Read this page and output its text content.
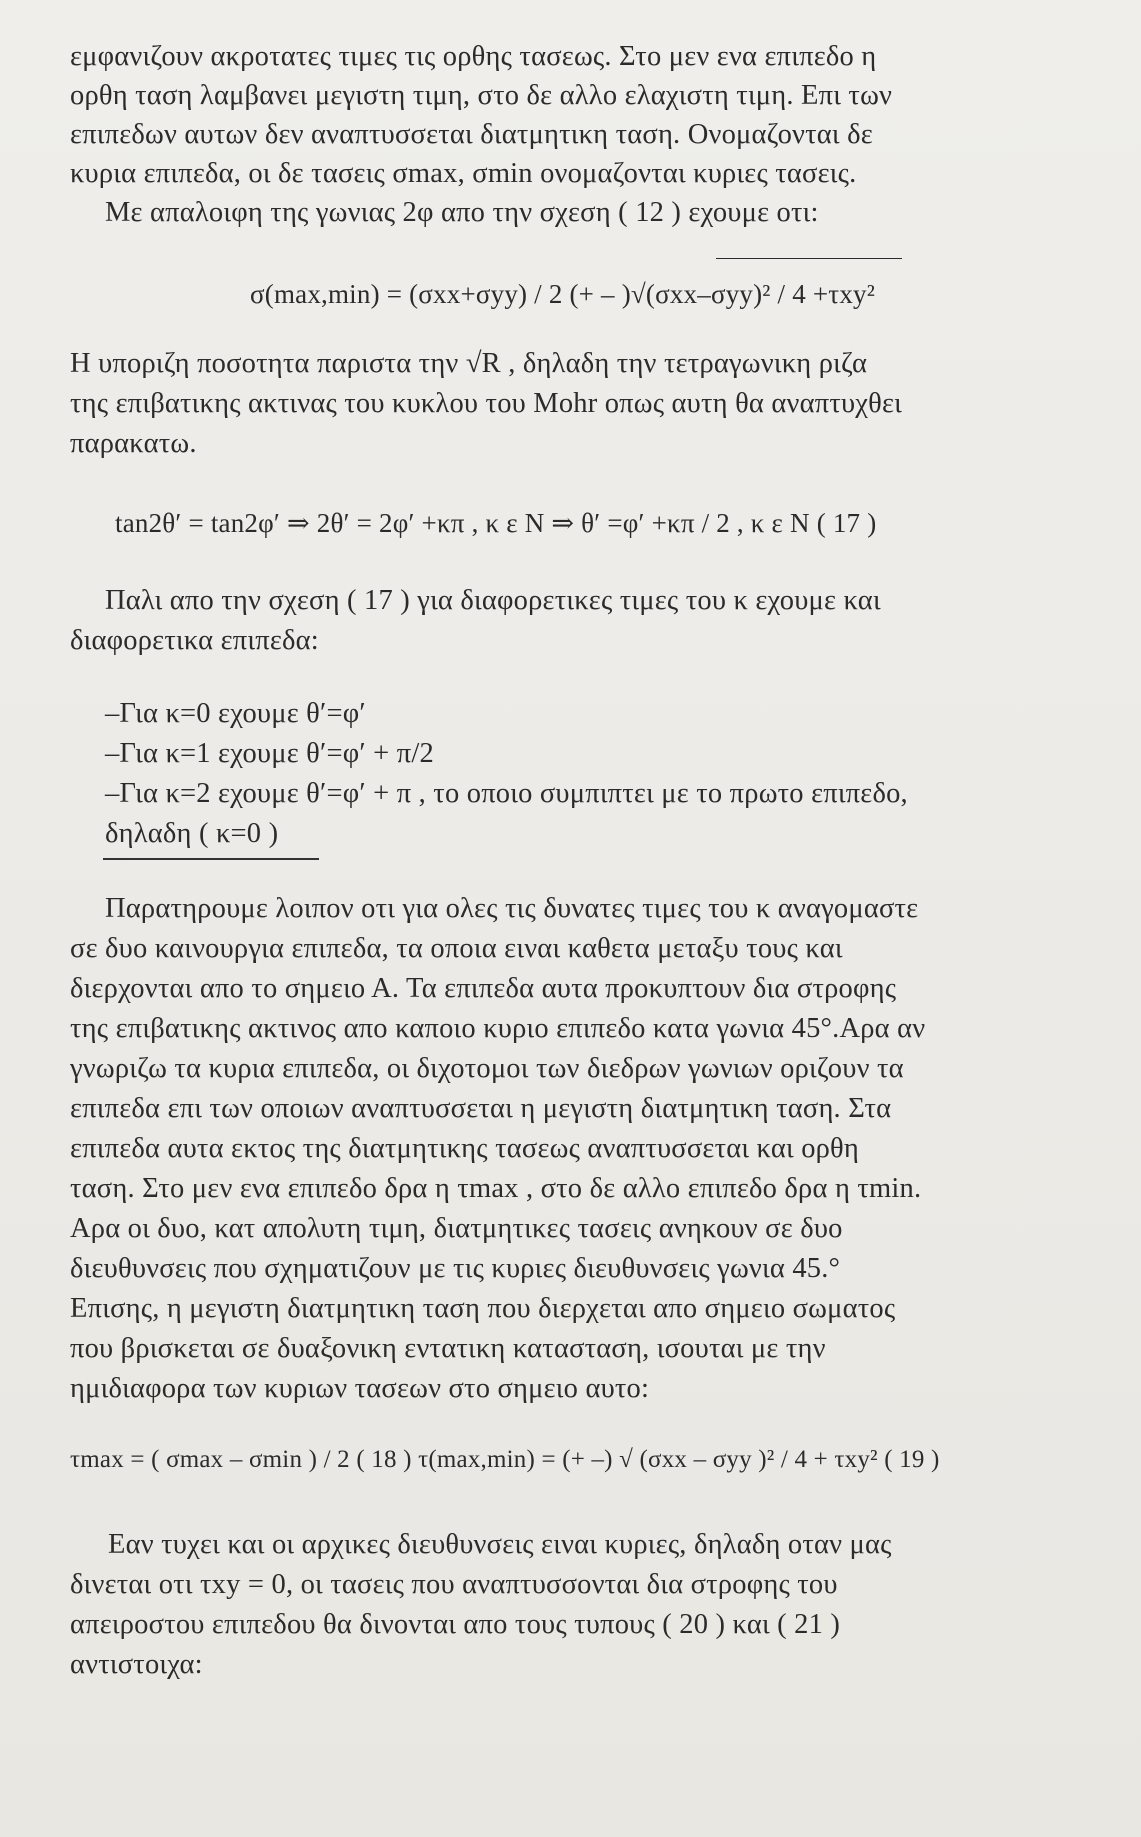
εμφανιζουν ακροτατες τιμες τις ορθης τασεως. Στο μεν ενα επιπεδο η
ορθη ταση λαμβανει μεγιστη τιμη, στο δε αλλο ελαχιστη τιμη. Επι των
επιπεδων αυτων δεν αναπτυσσεται διατμητικη ταση. Ονομαζονται δε
κυρια επιπεδα, οι δε τασεις σmax, σmin ονομαζονται κυριες τασεις.
Με απαλοιφη της γωνιας 2φ απο την σχεση ( 12 ) εχουμε οτι:
σ(max,min) = (σxx+σyy) / 2 (+ – )√(σxx–σyy)² / 4 +τxy²
Η υποριζη ποσοτητα παριστα την √R , δηλαδη την τετραγωνικη ριζα
της επιβατικης ακτινας του κυκλου του Mohr οπως αυτη θα αναπτυχθει
παρακατω.
tan2θ′ = tan2φ′ ⇒ 2θ′ = 2φ′ +κπ , κ ε N ⇒ θ′ =φ′ +κπ / 2 , κ ε N ( 17 )
Παλι απο την σχεση ( 17 ) για διαφορετικες τιμες του κ εχουμε και
διαφορετικα επιπεδα:
–Για κ=0 εχουμε θ′=φ′
–Για κ=1 εχουμε θ′=φ′ + π/2
–Για κ=2 εχουμε θ′=φ′ + π , το οποιο συμπιπτει με το πρωτο επιπεδο,
δηλαδη ( κ=0 )
Παρατηρουμε λοιπον οτι για ολες τις δυνατες τιμες του κ αναγομαστε
σε δυο καινουργια επιπεδα, τα οποια ειναι καθετα μεταξυ τους και
διερχονται απο το σημειο Α. Τα επιπεδα αυτα προκυπτουν δια στροφης
της επιβατικης ακτινος απο καποιο κυριο επιπεδο κατα γωνια 45°.Αρα αν
γνωριζω τα κυρια επιπεδα, οι διχοτομοι των διεδρων γωνιων οριζουν τα
επιπεδα επι των οποιων αναπτυσσεται η μεγιστη διατμητικη ταση. Στα
επιπεδα αυτα εκτος της διατμητικης τασεως αναπτυσσεται και ορθη
ταση. Στο μεν ενα επιπεδο δρα η τmax , στο δε αλλο επιπεδο δρα η τmin.
Αρα οι δυο, κατ απολυτη τιμη, διατμητικες τασεις ανηκουν σε δυο
διευθυνσεις που σχηματιζουν με τις κυριες διευθυνσεις γωνια 45.°
Επισης, η μεγιστη διατμητικη ταση που διερχεται απο σημειο σωματος
που βρισκεται σε δυαξονικη εντατικη κατασταση, ισουται με την
ημιδιαφορα των κυριων τασεων στο σημειο αυτο:
τmax = ( σmax – σmin ) / 2 ( 18 ) τ(max,min) = (+ –) √ (σxx – σyy )² / 4 + τxy² ( 19 )
Εαν τυχει και οι αρχικες διευθυνσεις ειναι κυριες, δηλαδη οταν μας
δινεται οτι τxy = 0, οι τασεις που αναπτυσσονται δια στροφης του
απειροστου επιπεδου θα δινονται απο τους τυπους ( 20 ) και ( 21 )
αντιστοιχα:
